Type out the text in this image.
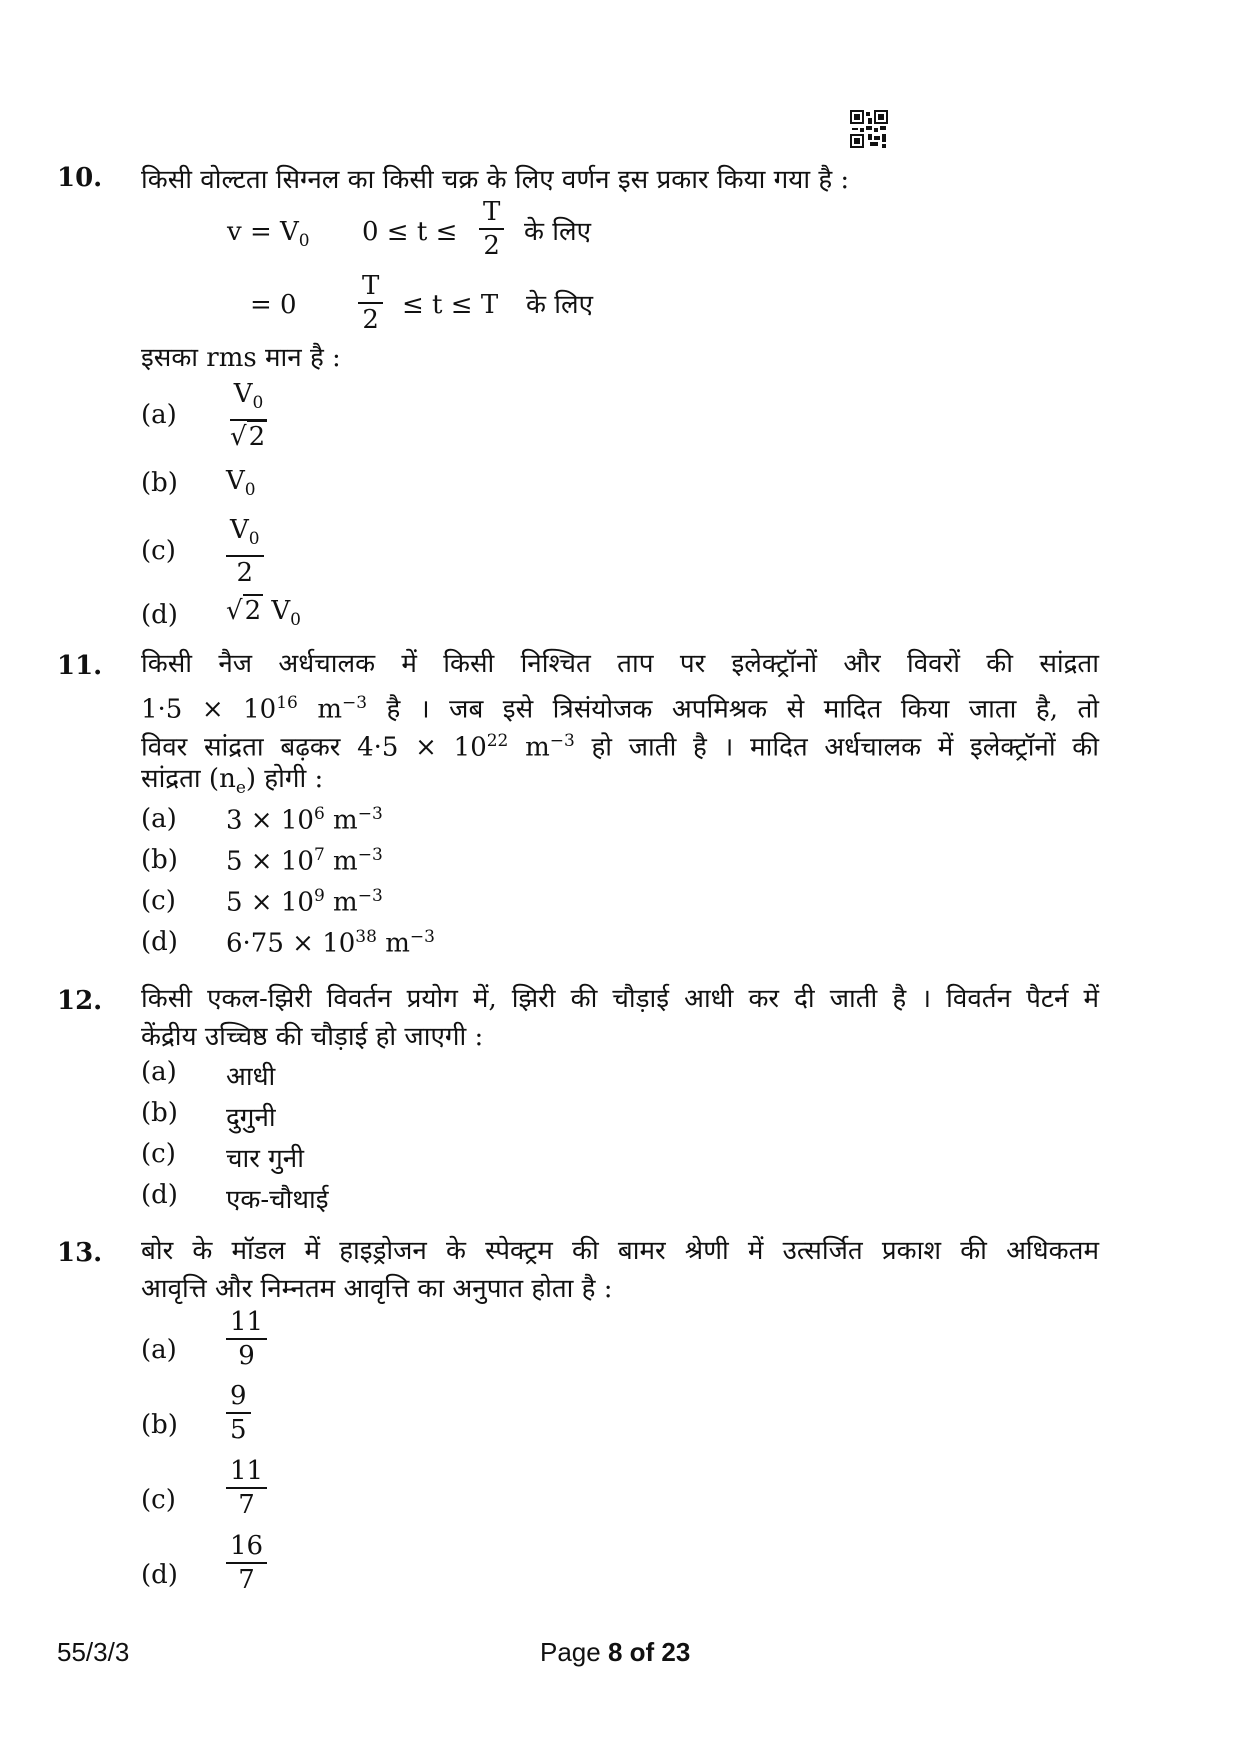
10. किसी वोल्टता सिग्नल का किसी चक्र के लिए वर्णन इस प्रकार किया गया है :
$v = V_0$ $0 \le t \le \frac{T}{2}$ के लिए
= $0 \frac{T}{2} \le t \le T$ के लिए
इसका rms मान है :
$(a) \frac{V_0}{√2}$
(b) $V_0$
$(c) \frac{V_0}{2}$
(d) √2 $V_0$
11. किसी नैज अर्धचालक में किसी निश्चित ताप पर इलेक्ट्रॉनों और विवरों की सांद्रता
$1\cdot 5 \times 10^{16}$ $m^{-3}$ है । जब इसे त्रिसंयोजक अपमिश्रक से मादित किया जाता है, तो
विवर सांद्रता बढ़कर $4\cdot 5 \times 10^{22}$ $m^{-3}$ हो जाती है । मादित अर्धचालक में इलेक्ट्रॉनों की
सांद्रता $(n_e)$ होगी :
(a) $3 \times 10^6$ $m^{-3}$
(b) $5 \times 10^7$ $m^{-3}$
(c) $5 \times 10^9$ $m^{-3}$
(d) $6\cdot 75 \times 10^{38}$ $m^{-3}$
12. किसी एकल-झिरी विवर्तन प्रयोग में, झिरी की चौड़ाई आधी कर दी जाती है । विवर्तन पैटर्न में
केंद्रीय उच्चिष्ठ की चौड़ाई हो जाएगी :
(a) आधी
(b) दुगुनी
(c) चार गुनी
(d) एक-चौथाई
13. बोर के मॉडल में हाइड्रोजन के स्पेक्ट्रम की बामर श्रेणी में उत्सर्जित प्रकाश की अधिकतम
आवृत्ति और निम्नतम आवृत्ति का अनुपात होता है :
$(a) \frac{11}{9}$
$(b) \frac{9}{5}$
$(c) \frac{11}{7}$
$(d) \frac{16}{7}$
55/3/3	Page 8 of 23
